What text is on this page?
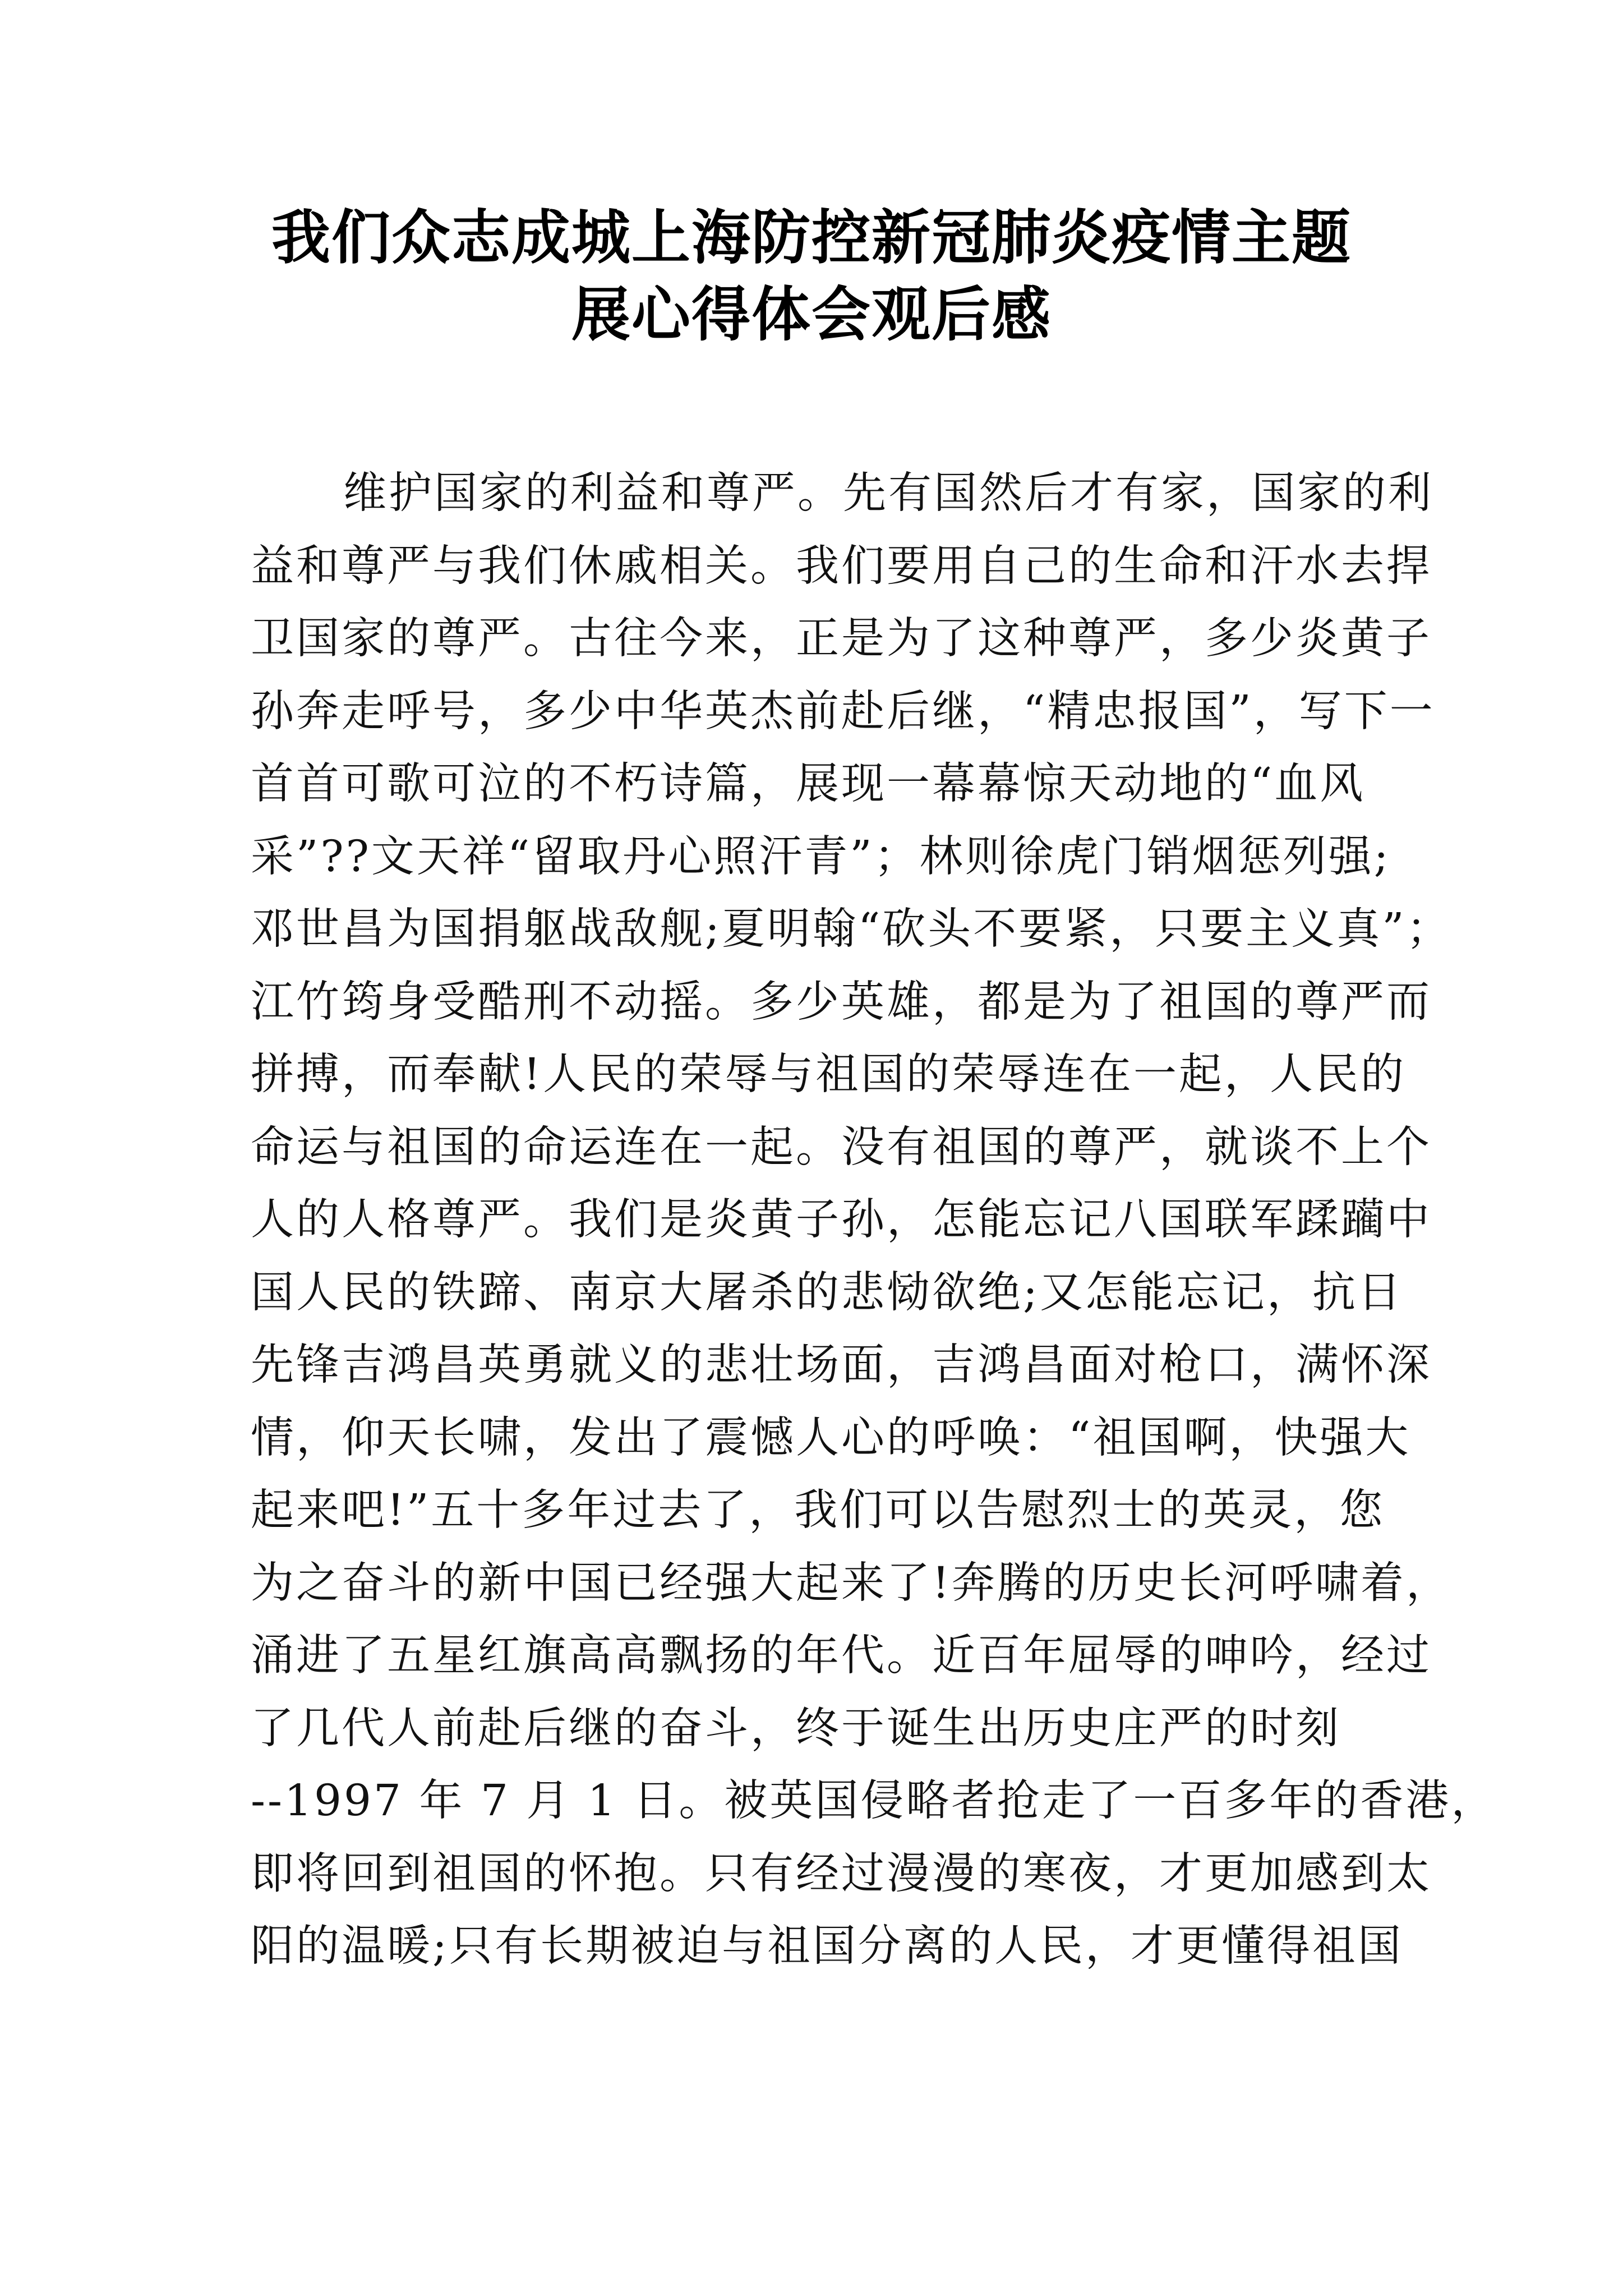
我们众志成城上海防控新冠肺炎疫情主题
展心得体会观后感
维护国家的利益和尊严。先有国然后才有家，国家的利
益和尊严与我们休戚相关。我们要用自己的生命和汗水去捍
卫国家的尊严。古往今来，正是为了这种尊严，多少炎黄子
孙奔走呼号，多少中华英杰前赴后继，“精忠报国”，写下一
首首可歌可泣的不朽诗篇，展现一幕幕惊天动地的“血风
采”??文天祥“留取丹心照汗青”；林则徐虎门销烟惩列强;
邓世昌为国捐躯战敌舰;夏明翰“砍头不要紧，只要主义真”；
江竹筠身受酷刑不动摇。多少英雄，都是为了祖国的尊严而
拼搏，而奉献!人民的荣辱与祖国的荣辱连在一起，人民的
命运与祖国的命运连在一起。没有祖国的尊严，就谈不上个
人的人格尊严。我们是炎黄子孙，怎能忘记八国联军蹂躏中
国人民的铁蹄、南京大屠杀的悲恸欲绝;又怎能忘记，抗日
先锋吉鸿昌英勇就义的悲壮场面，吉鸿昌面对枪口，满怀深
情，仰天长啸，发出了震憾人心的呼唤：“祖国啊，快强大
起来吧!”五十多年过去了，我们可以告慰烈士的英灵，您
为之奋斗的新中国已经强大起来了!奔腾的历史长河呼啸着，
涌进了五星红旗高高飘扬的年代。近百年屈辱的呻吟，经过
了几代人前赴后继的奋斗，终于诞生出历史庄严的时刻
--1997 年 7 月 1 日。被英国侵略者抢走了一百多年的香港，
即将回到祖国的怀抱。只有经过漫漫的寒夜，才更加感到太
阳的温暖;只有长期被迫与祖国分离的人民，才更懂得祖国
